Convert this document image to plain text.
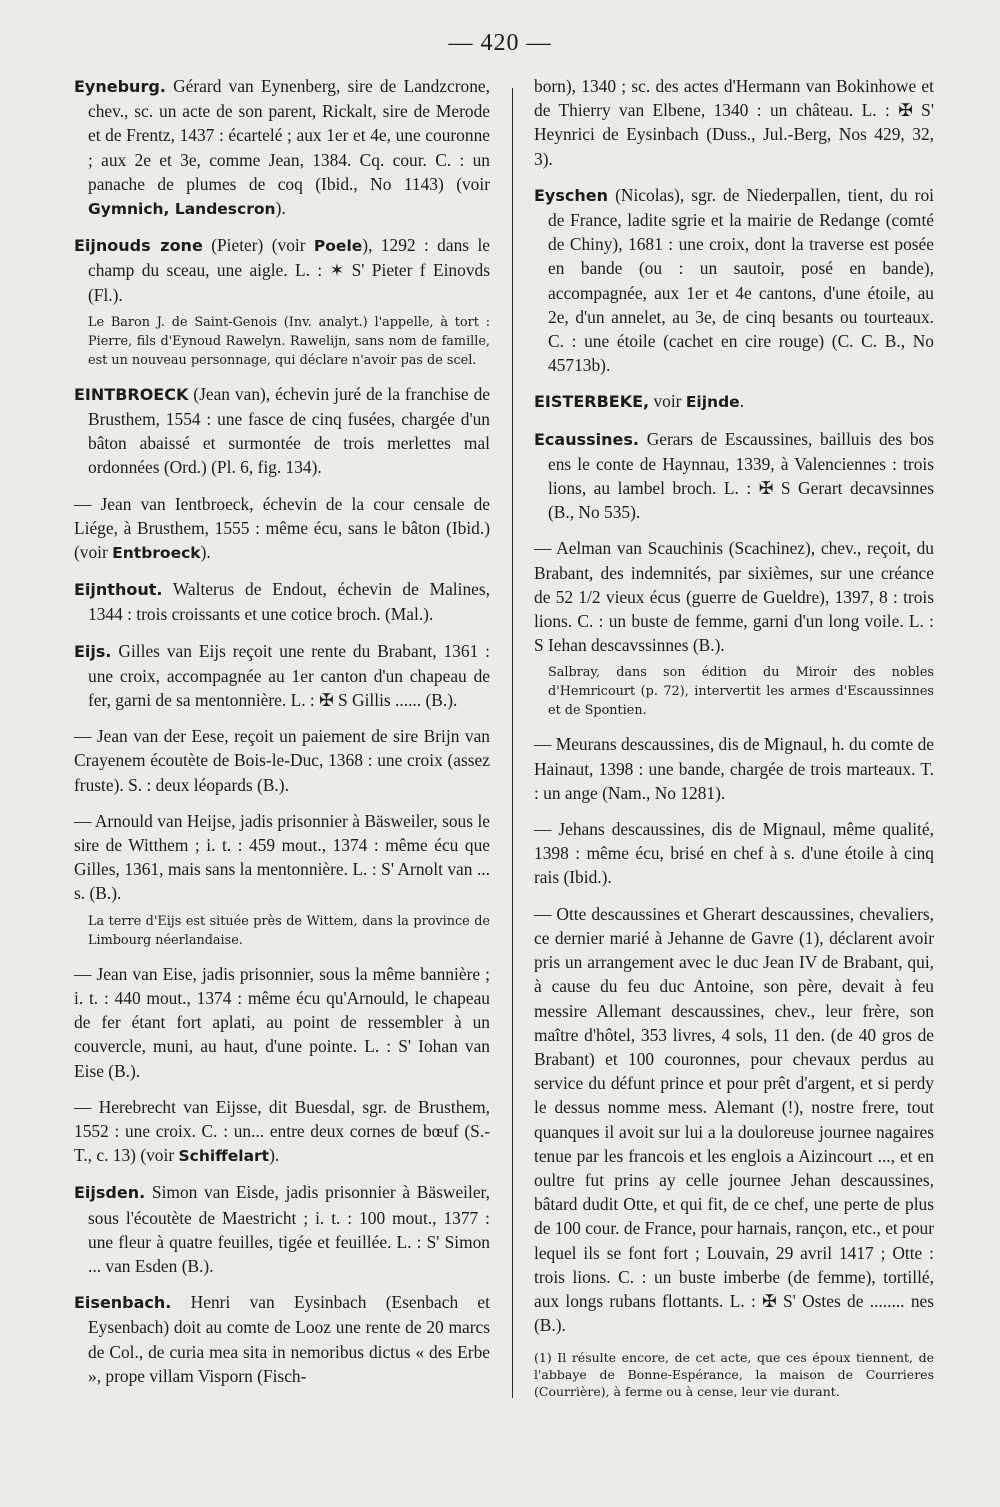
— 420 —

Eyneburg. Gérard van Eynenberg, sire de Landzcrone, chev., sc. un acte de son parent, Rickalt, sire de Merode et de Frentz, 1437 : écartelé ; aux 1er et 4e, une couronne ; aux 2e et 3e, comme Jean, 1384. Cq. cour. C. : un panache de plumes de coq (Ibid., No 1143) (voir Gymnich, Landescron).

Eijnouds zone (Pieter) (voir Poele), 1292 : dans le champ du sceau, une aigle. L. : ✶ S' Pieter f Einovds (Fl.).

Le Baron J. de Saint-Genois (Inv. analyt.) l'appelle, à tort : Pierre, fils d'Eynoud Rawelyn. Rawelijn, sans nom de famille, est un nouveau personnage, qui déclare n'avoir pas de scel.

EINTBROECK (Jean van), échevin juré de la franchise de Brusthem, 1554 : une fasce de cinq fusées, chargée d'un bâton abaissé et surmontée de trois merlettes mal ordonnées (Ord.) (Pl. 6, fig. 134).

— Jean van Ientbroeck, échevin de la cour censale de Liége, à Brusthem, 1555 : même écu, sans le bâton (Ibid.) (voir Entbroeck).

Eijnthout. Walterus de Endout, échevin de Malines, 1344 : trois croissants et une cotice broch. (Mal.).

Eijs. Gilles van Eijs reçoit une rente du Brabant, 1361 : une croix, accompagnée au 1er canton d'un chapeau de fer, garni de sa mentonnière. L. : ✠ S Gillis ...... (B.).

— Jean van der Eese, reçoit un paiement de sire Brijn van Crayenem écoutète de Bois-le-Duc, 1368 : une croix (assez fruste). S. : deux léopards (B.).

— Arnould van Heijse, jadis prisonnier à Bäsweiler, sous le sire de Witthem ; i. t. : 459 mout., 1374 : même écu que Gilles, 1361, mais sans la mentonnière. L. : S' Arnolt van ... s. (B.).

La terre d'Eijs est située près de Wittem, dans la province de Limbourg néerlandaise.

— Jean van Eise, jadis prisonnier, sous la même bannière ; i. t. : 440 mout., 1374 : même écu qu'Arnould, le chapeau de fer étant fort aplati, au point de ressembler à un couvercle, muni, au haut, d'une pointe. L. : S' Iohan van Eise (B.).

— Herebrecht van Eijsse, dit Buesdal, sgr. de Brusthem, 1552 : une croix. C. : un... entre deux cornes de bœuf (S.-T., c. 13) (voir Schiffelart).

Eijsden. Simon van Eisde, jadis prisonnier à Bäsweiler, sous l'écoutète de Maestricht ; i. t. : 100 mout., 1377 : une fleur à quatre feuilles, tigée et feuillée. L. : S' Simon ... van Esden (B.).

Eisenbach. Henri van Eysinbach (Esenbach et Eysenbach) doit au comte de Looz une rente de 20 marcs de Col., de curia mea sita in nemoribus dictus « des Erbe », prope villam Visporn (Fisch-

born), 1340 ; sc. des actes d'Hermann van Bokinhowe et de Thierry van Elbene, 1340 : un château. L. : ✠ S' Heynrici de Eysinbach (Duss., Jul.-Berg, Nos 429, 32, 3).

Eyschen (Nicolas), sgr. de Niederpallen, tient, du roi de France, ladite sgrie et la mairie de Redange (comté de Chiny), 1681 : une croix, dont la traverse est posée en bande (ou : un sautoir, posé en bande), accompagnée, aux 1er et 4e cantons, d'une étoile, au 2e, d'un annelet, au 3e, de cinq besants ou tourteaux. C. : une étoile (cachet en cire rouge) (C. C. B., No 45713b).

EISTERBEKE, voir Eijnde.

Ecaussines. Gerars de Escaussines, bailluis des bos ens le conte de Haynnau, 1339, à Valenciennes : trois lions, au lambel broch. L. : ✠ S Gerart decavsinnes (B., No 535).

— Aelman van Scauchinis (Scachinez), chev., reçoit, du Brabant, des indemnités, par sixièmes, sur une créance de 52 1/2 vieux écus (guerre de Gueldre), 1397, 8 : trois lions. C. : un buste de femme, garni d'un long voile. L. : S Iehan descavssinnes (B.).

Salbray, dans son édition du Miroir des nobles d'Hemricourt (p. 72), intervertit les armes d'Escaussinnes et de Spontien.

— Meurans descaussines, dis de Mignaul, h. du comte de Hainaut, 1398 : une bande, chargée de trois marteaux. T. : un ange (Nam., No 1281).

— Jehans descaussines, dis de Mignaul, même qualité, 1398 : même écu, brisé en chef à s. d'une étoile à cinq rais (Ibid.).

— Otte descaussines et Gherart descaussines, chevaliers, ce dernier marié à Jehanne de Gavre (1), déclarent avoir pris un arrangement avec le duc Jean IV de Brabant, qui, à cause du feu duc Antoine, son père, devait à feu messire Allemant descaussines, chev., leur frère, son maître d'hôtel, 353 livres, 4 sols, 11 den. (de 40 gros de Brabant) et 100 couronnes, pour chevaux perdus au service du défunt prince et pour prêt d'argent, et si perdy le dessus nomme mess. Alemant (!), nostre frere, tout quanques il avoit sur lui a la douloreuse journee nagaires tenue par les francois et les englois a Aizincourt ..., et en oultre fut prins ay celle journee Jehan descaussines, bâtard dudit Otte, et qui fit, de ce chef, une perte de plus de 100 cour. de France, pour harnais, rançon, etc., et pour lequel ils se font fort ; Louvain, 29 avril 1417 ; Otte : trois lions. C. : un buste imberbe (de femme), tortillé, aux longs rubans flottants. L. : ✠ S' Ostes de ........ nes (B.).

(1) Il résulte encore, de cet acte, que ces époux tiennent, de l'abbaye de Bonne-Espérance, la maison de Courrieres (Courrière), à ferme ou à cense, leur vie durant.
